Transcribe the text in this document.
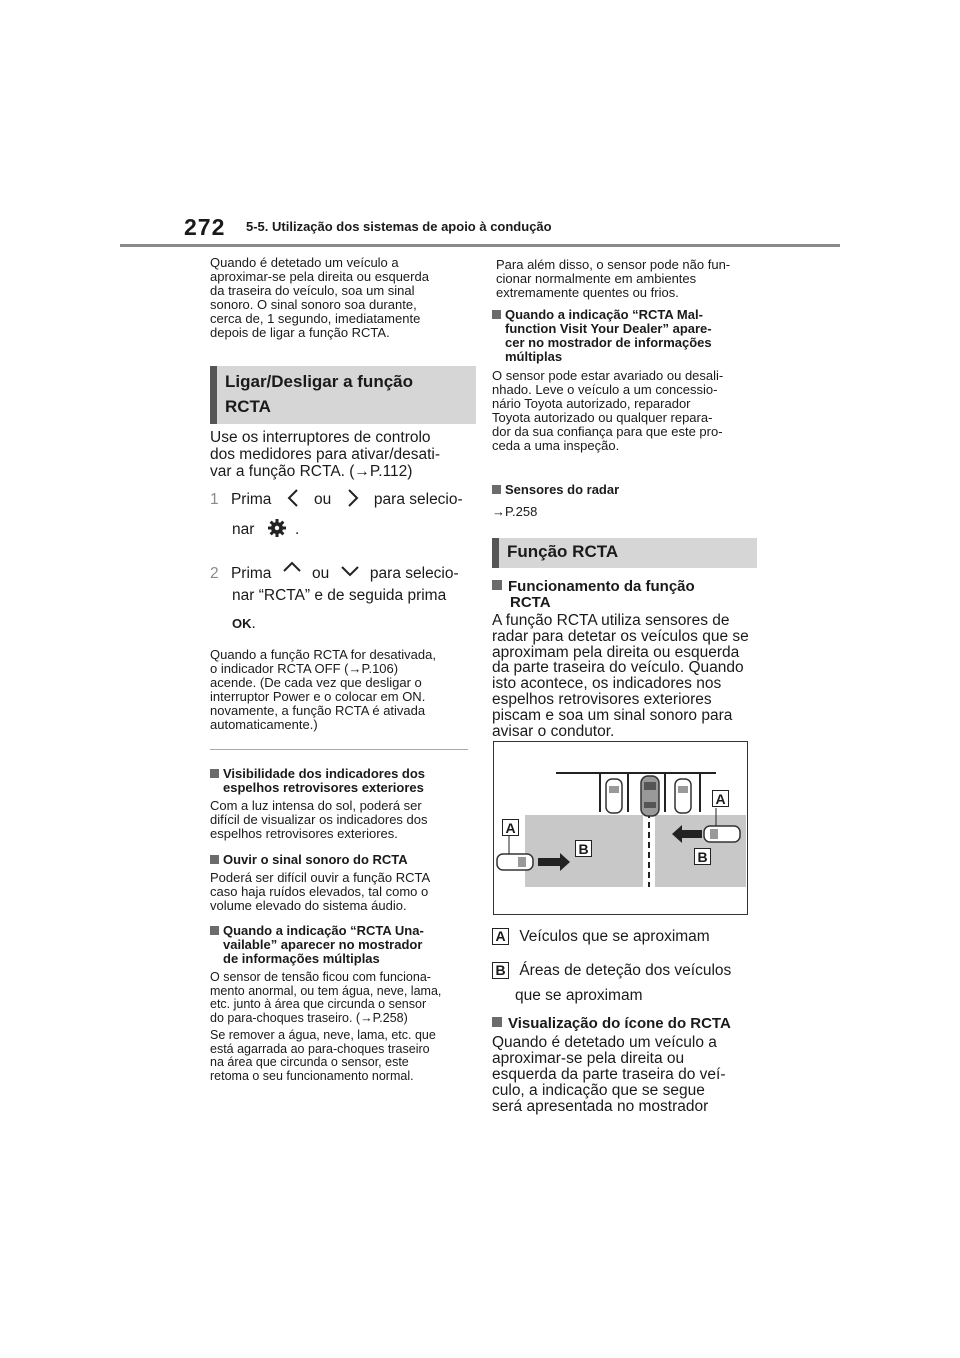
272 5-5. Utilização dos sistemas de apoio à condução
Quando é detetado um veículo a
aproximar-se pela direita ou esquerda
da traseira do veículo, soa um sinal
sonoro. O sinal sonoro soa durante,
cerca de, 1 segundo, imediatamente
depois de ligar a função RCTA.
Ligar/Desligar a função
RCTA
Use os interruptores de controlo
dos medidores para ativar/desati-
var a função RCTA. (→P.112)
1 Prima	ou	para selecio-
nar	.
2 Prima	ou	para selecio-
nar “RCTA” e de seguida prima
OK.
Quando a função RCTA for desativada,
o indicador RCTA OFF (→P.106)
acende. (De cada vez que desligar o
interruptor Power e o colocar em ON.
novamente, a função RCTA é ativada
automaticamente.)
Visibilidade dos indicadores dos
espelhos retrovisores exteriores
Com a luz intensa do sol, poderá ser
difícil de visualizar os indicadores dos
espelhos retrovisores exteriores.
Ouvir o sinal sonoro do RCTA
Poderá ser difícil ouvir a função RCTA
caso haja ruídos elevados, tal como o
volume elevado do sistema áudio.
Quando a indicação “RCTA Una-
vailable” aparecer no mostrador
de informações múltiplas
O sensor de tensão ficou com funciona-
mento anormal, ou tem água, neve, lama,
etc. junto à área que circunda o sensor
do para-choques traseiro. (→P.258)
Se remover a água, neve, lama, etc. que
está agarrada ao para-choques traseiro
na área que circunda o sensor, este
retoma o seu funcionamento normal.
Para além disso, o sensor pode não fun-
cionar normalmente em ambientes
extremamente quentes ou frios.
Quando a indicação “RCTA Mal-
function Visit Your Dealer” apare-
cer no mostrador de informações
múltiplas
O sensor pode estar avariado ou desali-
nhado. Leve o veículo a um concessio-
nário Toyota autorizado, reparador
Toyota autorizado ou qualquer repara-
dor da sua confiança para que este pro-
ceda a uma inspeção.
Sensores do radar
→P.258
Função RCTA
Funcionamento da função
RCTA
A função RCTA utiliza sensores de
radar para detetar os veículos que se
aproximam pela direita ou esquerda
da parte traseira do veículo. Quando
isto acontece, os indicadores nos
espelhos retrovisores exteriores
piscam e soa um sinal sonoro para
avisar o condutor.
A
A
B	B
A Veículos que se aproximam
B Áreas de deteção dos veículos
que se aproximam
Visualização do ícone do RCTA
Quando é detetado um veículo a
aproximar-se pela direita ou
esquerda da parte traseira do veí-
culo, a indicação que se segue
será apresentada no mostrador
